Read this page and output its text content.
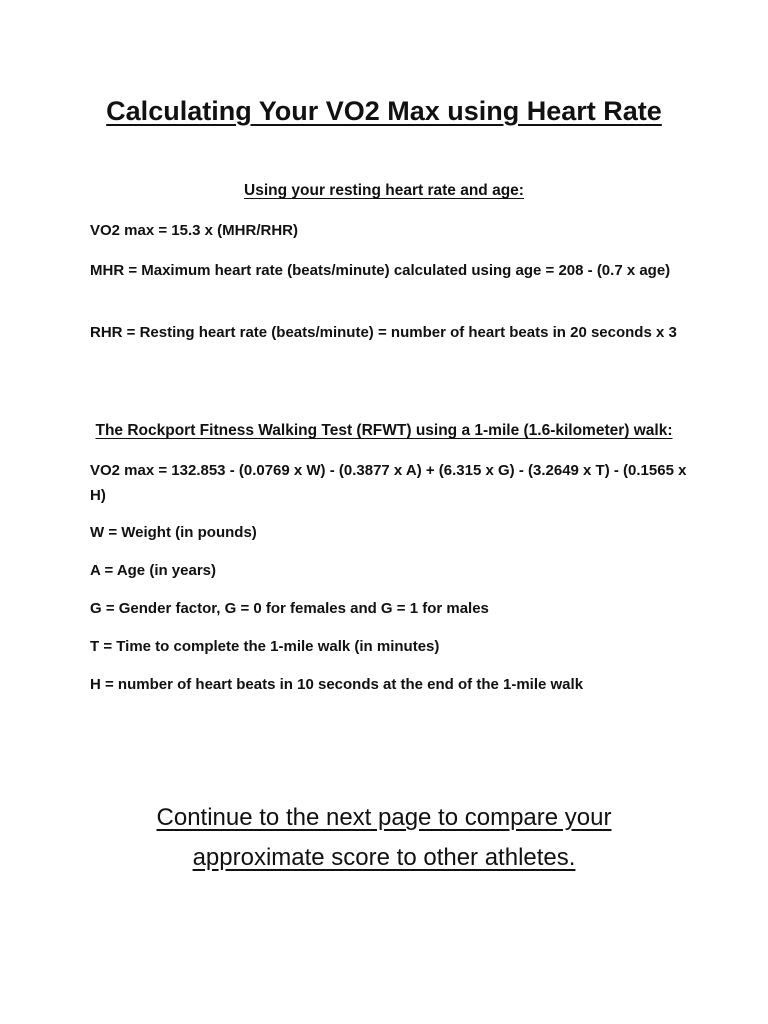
Calculating Your VO2 Max using Heart Rate
Using your resting heart rate and age:

VO2 max = 15.3 x (MHR/RHR)

MHR = Maximum heart rate (beats/minute) calculated using age = 208 - (0.7 x age)

RHR = Resting heart rate (beats/minute) = number of heart beats in 20 seconds x 3

The Rockport Fitness Walking Test (RFWT) using a 1-mile (1.6-kilometer) walk:

VO2 max = 132.853 - (0.0769 x W) - (0.3877 x A) + (6.315 x G) - (3.2649 x T) - (0.1565 x H)

W = Weight (in pounds)

A = Age (in years)

G = Gender factor, G = 0 for females and G = 1 for males

T = Time to complete the 1-mile walk (in minutes)

H = number of heart beats in 10 seconds at the end of the 1-mile walk

Continue to the next page to compare your
approximate score to other athletes.
